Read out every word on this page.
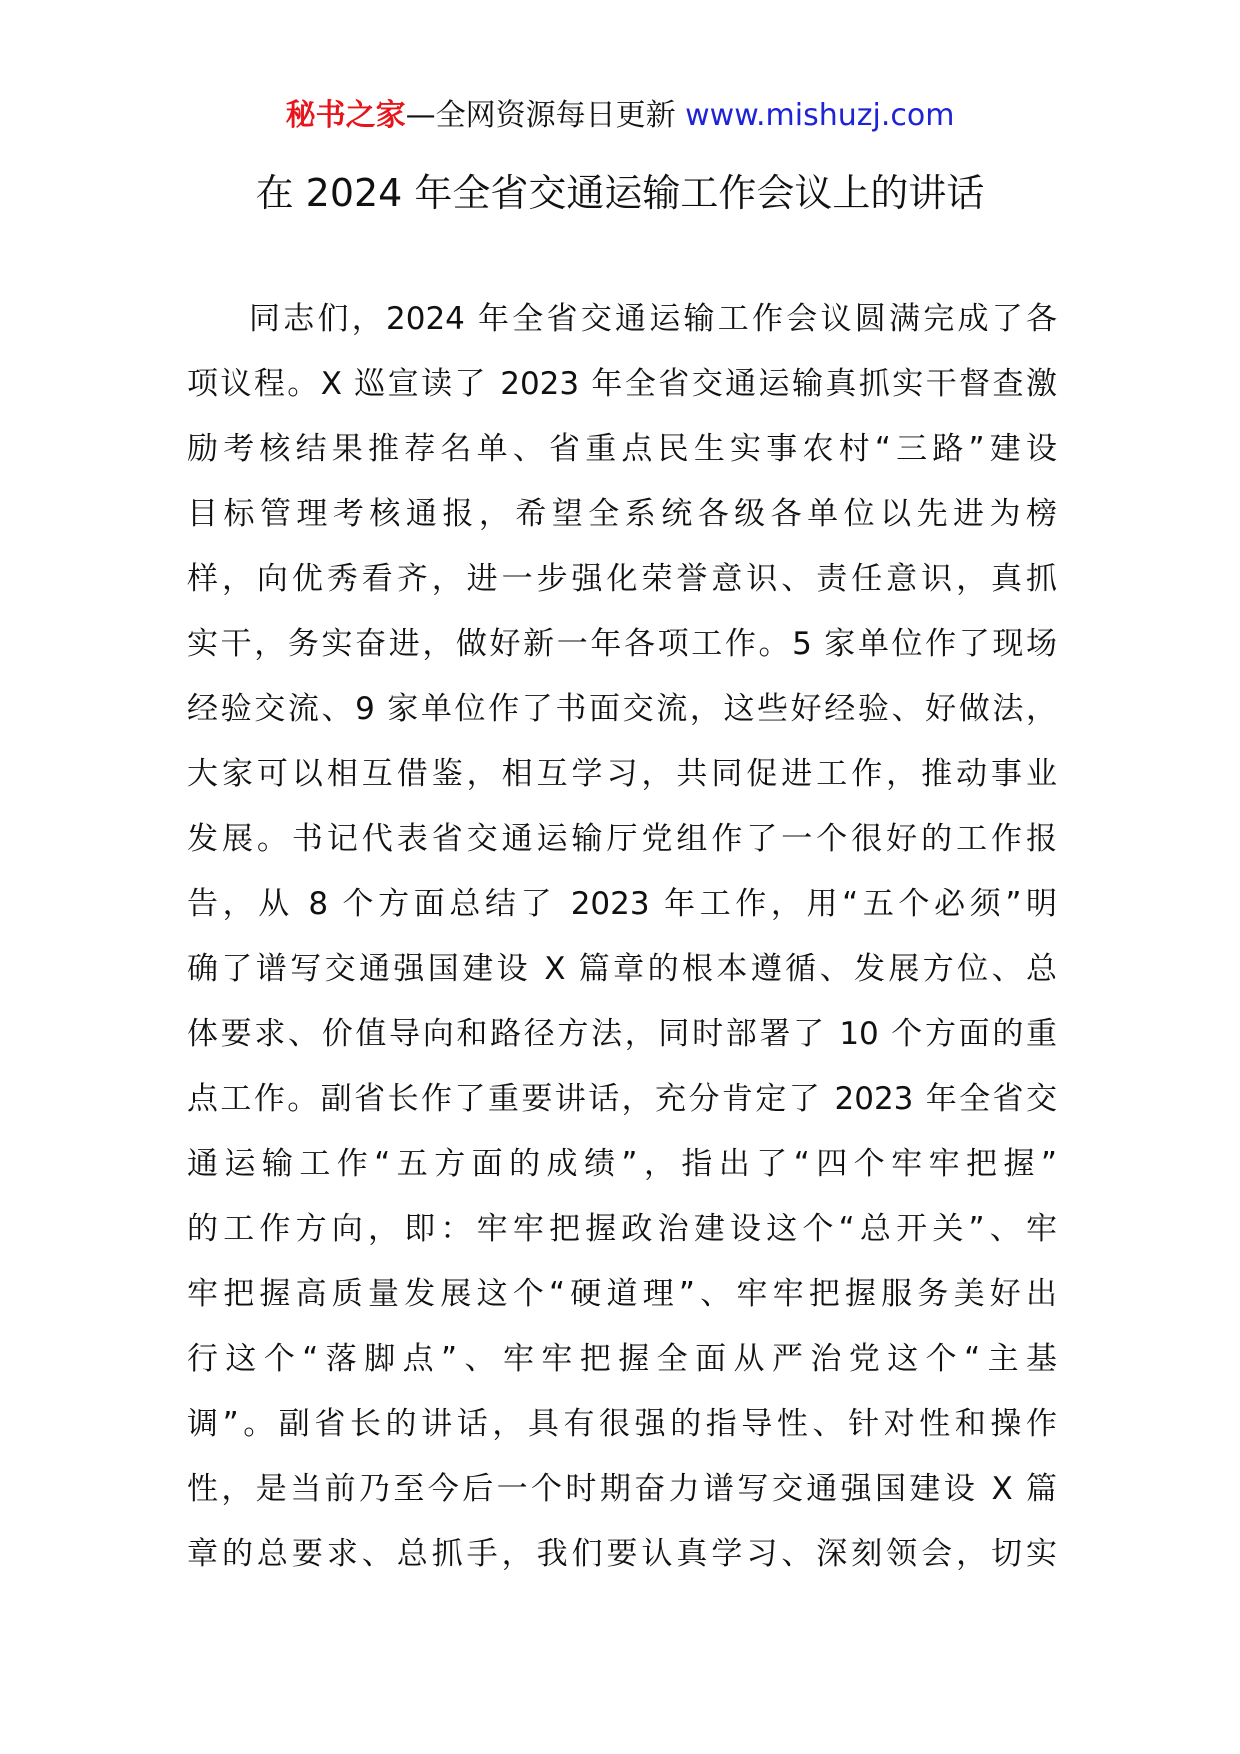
秘书之家—全网资源每日更新 www.mishuzj.com
在 2024 年全省交通运输工作会议上的讲话
同志们，2024 年全省交通运输工作会议圆满完成了各
项议程。X 巡宣读了 2023 年全省交通运输真抓实干督查激
励考核结果推荐名单、省重点民生实事农村“三路”建设
目标管理考核通报，希望全系统各级各单位以先进为榜
样，向优秀看齐，进一步强化荣誉意识、责任意识，真抓
实干，务实奋进，做好新一年各项工作。5 家单位作了现场
经验交流、9 家单位作了书面交流，这些好经验、好做法，
大家可以相互借鉴，相互学习，共同促进工作，推动事业
发展。书记代表省交通运输厅党组作了一个很好的工作报
告，从 8 个方面总结了 2023 年工作，用“五个必须”明
确了谱写交通强国建设 X 篇章的根本遵循、发展方位、总
体要求、价值导向和路径方法，同时部署了 10 个方面的重
点工作。副省长作了重要讲话，充分肯定了 2023 年全省交
通运输工作“五方面的成绩”，指出了“四个牢牢把握”
的工作方向，即：牢牢把握政治建设这个“总开关”、牢
牢把握高质量发展这个“硬道理”、牢牢把握服务美好出
行这个“落脚点”、牢牢把握全面从严治党这个“主基
调”。副省长的讲话，具有很强的指导性、针对性和操作
性，是当前乃至今后一个时期奋力谱写交通强国建设 X 篇
章的总要求、总抓手，我们要认真学习、深刻领会，切实
